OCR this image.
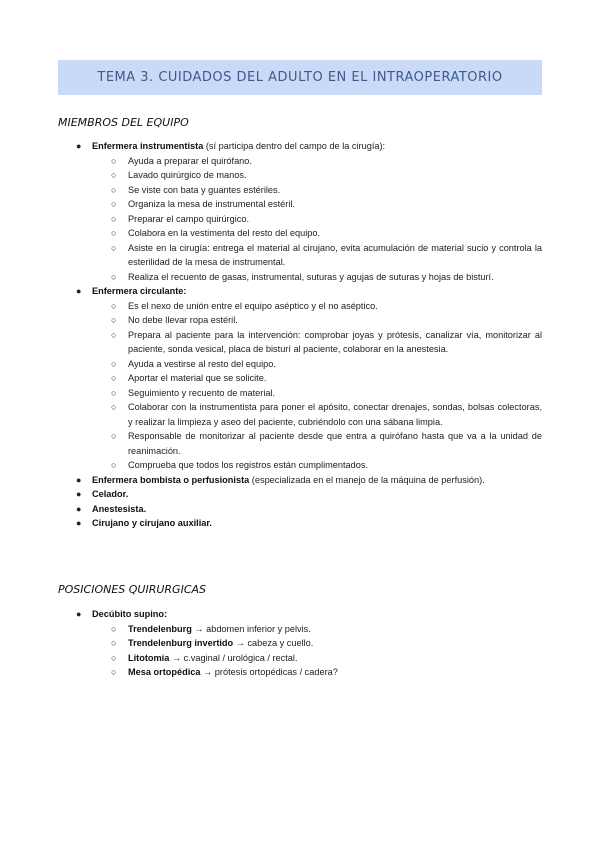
TEMA 3. CUIDADOS DEL ADULTO EN EL INTRAOPERATORIO
MIEMBROS DEL EQUIPO
● Enfermera instrumentista (sí participa dentro del campo de la cirugía):
○ Ayuda a preparar el quirófano.
○ Lavado quirúrgico de manos.
○ Se viste con bata y guantes estériles.
○ Organiza la mesa de instrumental estéril.
○ Preparar el campo quirúrgico.
○ Colabora en la vestimenta del resto del equipo.
○ Asiste en la cirugía: entrega el material al cirujano, evita acumulación de material sucio y controla la esterilidad de la mesa de instrumental.
○ Realiza el recuento de gasas, instrumental, suturas y agujas de suturas y hojas de bisturí.
● Enfermera circulante:
○ Es el nexo de unión entre el equipo aséptico y el no aséptico.
○ No debe llevar ropa estéril.
○ Prepara al paciente para la intervención: comprobar joyas y prótesis, canalizar vía, monitorizar al paciente, sonda vesical, placa de bisturí al paciente, colaborar en la anestesia.
○ Ayuda a vestirse al resto del equipo.
○ Aportar el material que se solicite.
○ Seguimiento y recuento de material.
○ Colaborar con la instrumentista para poner el apósito, conectar drenajes, sondas, bolsas colectoras, y realizar la limpieza y aseo del paciente, cubriéndolo con una sábana limpia.
○ Responsable de monitorizar al paciente desde que entra a quirófano hasta que va a la unidad de reanimación.
○ Comprueba que todos los registros están cumplimentados.
● Enfermera bombista o perfusionista (especializada en el manejo de la máquina de perfusión).
● Celador.
● Anestesista.
● Cirujano y cirujano auxiliar.
POSICIONES QUIRURGICAS
● Decúbito supino:
○ Trendelenburg → abdomen inferior y pelvis.
○ Trendelenburg invertido → cabeza y cuello.
○ Litotomía → c.vaginal / urológica / rectal.
○ Mesa ortopédica → prótesis ortopédicas / cadera?
